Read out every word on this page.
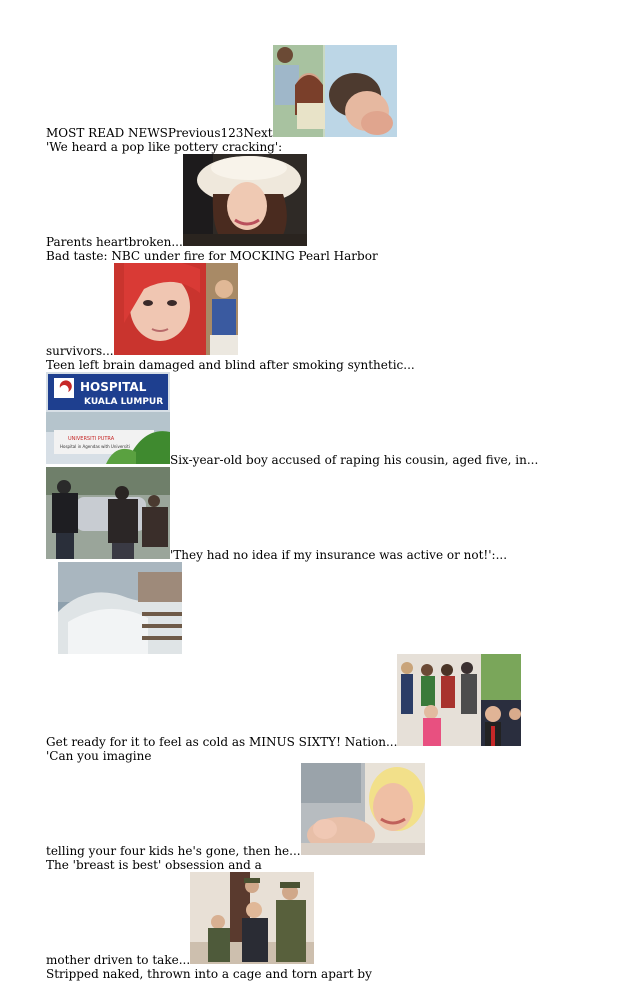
MOST READ NEWSPrevious123Next
'We heard a pop like pottery cracking':
Parents heartbroken...
Bad taste: NBC under fire for MOCKING Pearl Harbor
survivors...
Teen left brain damaged and blind after smoking synthetic...

HOSPITAL
KUALA LUMPUR
UNIVERSITI PUTRA
Hospital in Agendas with Universiti
Six-year-old boy accused of raping his cousin, aged five, in...

'They had no idea if my insurance was active or not!':...

Get ready for it to feel as cold as MINUS SIXTY! Nation...
'Can you imagine
telling your four kids he's gone, then he...
The 'breast is best' obsession and a
mother driven to take...
Stripped naked, thrown into a cage and torn apart by
